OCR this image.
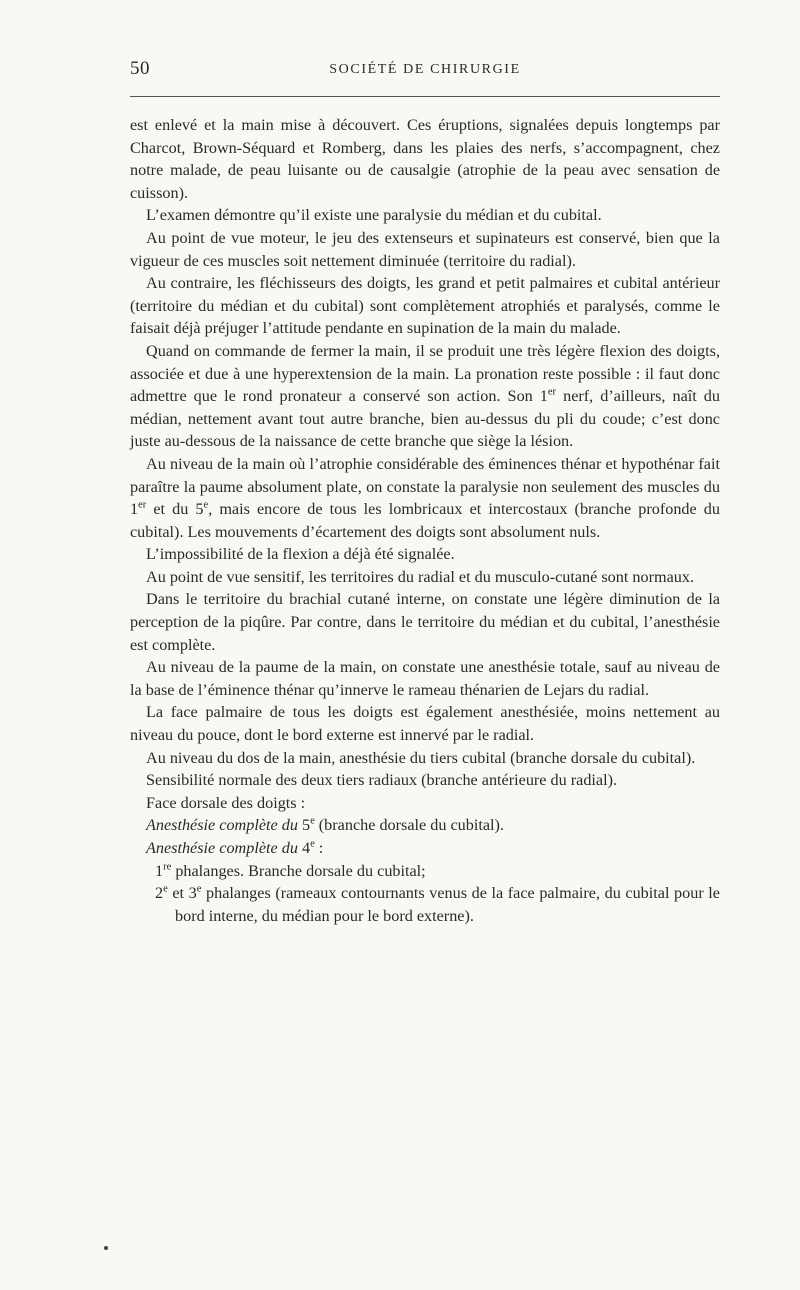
50	SOCIÉTÉ DE CHIRURGIE

est enlevé et la main mise à découvert. Ces éruptions, signalées depuis longtemps par Charcot, Brown-Séquard et Romberg, dans les plaies des nerfs, s’accompagnent, chez notre malade, de peau luisante ou de causalgie (atrophie de la peau avec sensation de cuisson).

L’examen démontre qu’il existe une paralysie du médian et du cubital.

Au point de vue moteur, le jeu des extenseurs et supinateurs est conservé, bien que la vigueur de ces muscles soit nettement diminuée (territoire du radial).

Au contraire, les fléchisseurs des doigts, les grand et petit palmaires et cubital antérieur (territoire du médian et du cubital) sont complètement atrophiés et paralysés, comme le faisait déjà préjuger l’attitude pendante en supination de la main du malade.

Quand on commande de fermer la main, il se produit une très légère flexion des doigts, associée et due à une hyperextension de la main. La pronation reste possible : il faut donc admettre que le rond pronateur a conservé son action. Son 1er nerf, d’ailleurs, naît du médian, nettement avant tout autre branche, bien au-dessus du pli du coude; c’est donc juste au-dessous de la naissance de cette branche que siège la lésion.

Au niveau de la main où l’atrophie considérable des éminences thénar et hypothénar fait paraître la paume absolument plate, on constate la paralysie non seulement des muscles du 1er et du 5e, mais encore de tous les lombricaux et intercostaux (branche profonde du cubital). Les mouvements d’écartement des doigts sont absolument nuls.

L’impossibilité de la flexion a déjà été signalée.

Au point de vue sensitif, les territoires du radial et du musculo-cutané sont normaux.

Dans le territoire du brachial cutané interne, on constate une légère diminution de la perception de la piqûre. Par contre, dans le territoire du médian et du cubital, l’anesthésie est complète.

Au niveau de la paume de la main, on constate une anesthésie totale, sauf au niveau de la base de l’éminence thénar qu’innerve le rameau thénarien de Lejars du radial.

La face palmaire de tous les doigts est également anesthésiée, moins nettement au niveau du pouce, dont le bord externe est innervé par le radial.

Au niveau du dos de la main, anesthésie du tiers cubital (branche dorsale du cubital).

Sensibilité normale des deux tiers radiaux (branche antérieure du radial).

Face dorsale des doigts :

Anesthésie complète du 5e (branche dorsale du cubital).

Anesthésie complète du 4e :

1re phalanges. Branche dorsale du cubital;

2e et 3e phalanges (rameaux contournants venus de la face palmaire, du cubital pour le bord interne, du médian pour le bord externe).
